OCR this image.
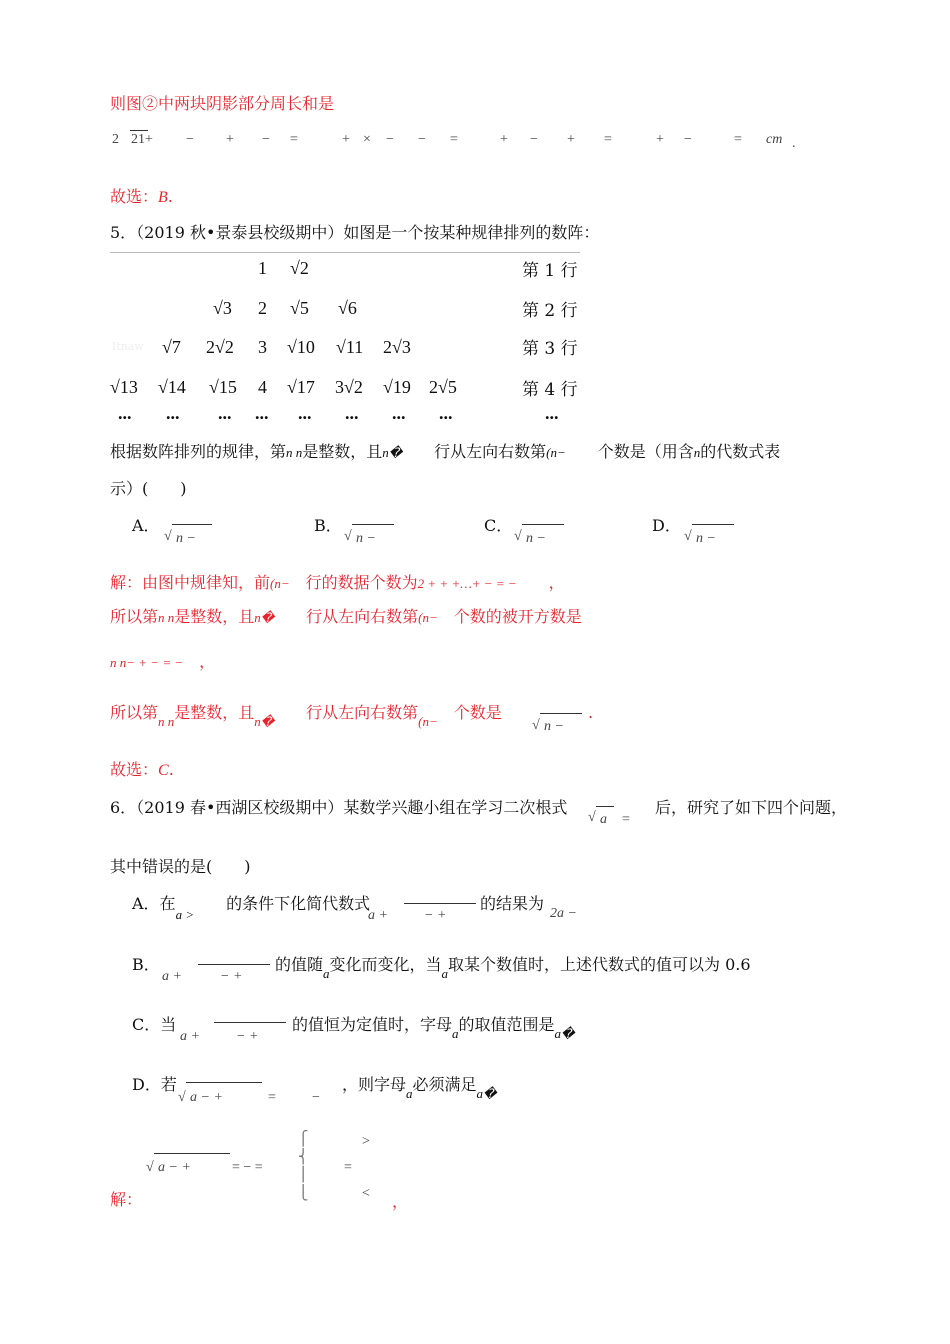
则图②中两块阴影部分周长和是
2 21+ − + − =	+ × − − =	+ − + =	+ −	= cm .
故选：B.
5．（2019 秋•景泰县校级期中）如图是一个按某种规律排列的数阵：
1 √2	第 1 行
√3 2 √5 √6	第 2 行
Itnaw √7 2√2 3 √10 √11 2√3	第 3 行
√13 √14 √15 4 √17 3√2 √19 2√5	第 4 行
... ... ... ... ... ... ... ...	...
根据数阵排列的规律，第n n是整数，且n�　　 行从左向右数第(n−　　 个数是（用含n的代数式表
示）(　　)
A．
√ n −
B．
√ n −
C．
√ n −
D．
√ n −
解：由图中规律知，前(n−　 行的数据个数为2 + + +…+ − = −　　 ，
所以第n n是整数，且n�　　 行从左向右数第(n−　 个数的被开方数是
n n− + − = −　 ，
所以第$_{n n}$是整数，且$_{n�}$　　 行从左向右数第$_{(n-}$　 个数是
√ n −
.
故选：C.
6．（2019 春•西湖区校级期中）某数学兴趣小组在学习二次根式
√ a =
后，研究了如下四个问题，
其中错误的是(　　)
A．在$_{a >}$　　的条件下化简代数式
a +	− +
的结果为
2a −
B．
a +	− +
的值随$_a$变化而变化，当$_a$取某个数值时，上述代数式的值可以为 0.6
C．当
a +	− +
的值恒为定值时，字母$_a$的取值范围是$_{a�}$
D．若
√ a − +	=	−
，则字母$_a$必须满足$_{a�}$
√ a − +	= − =
⎧
⎨
⎪
⎩
>
=
<
解：	，
